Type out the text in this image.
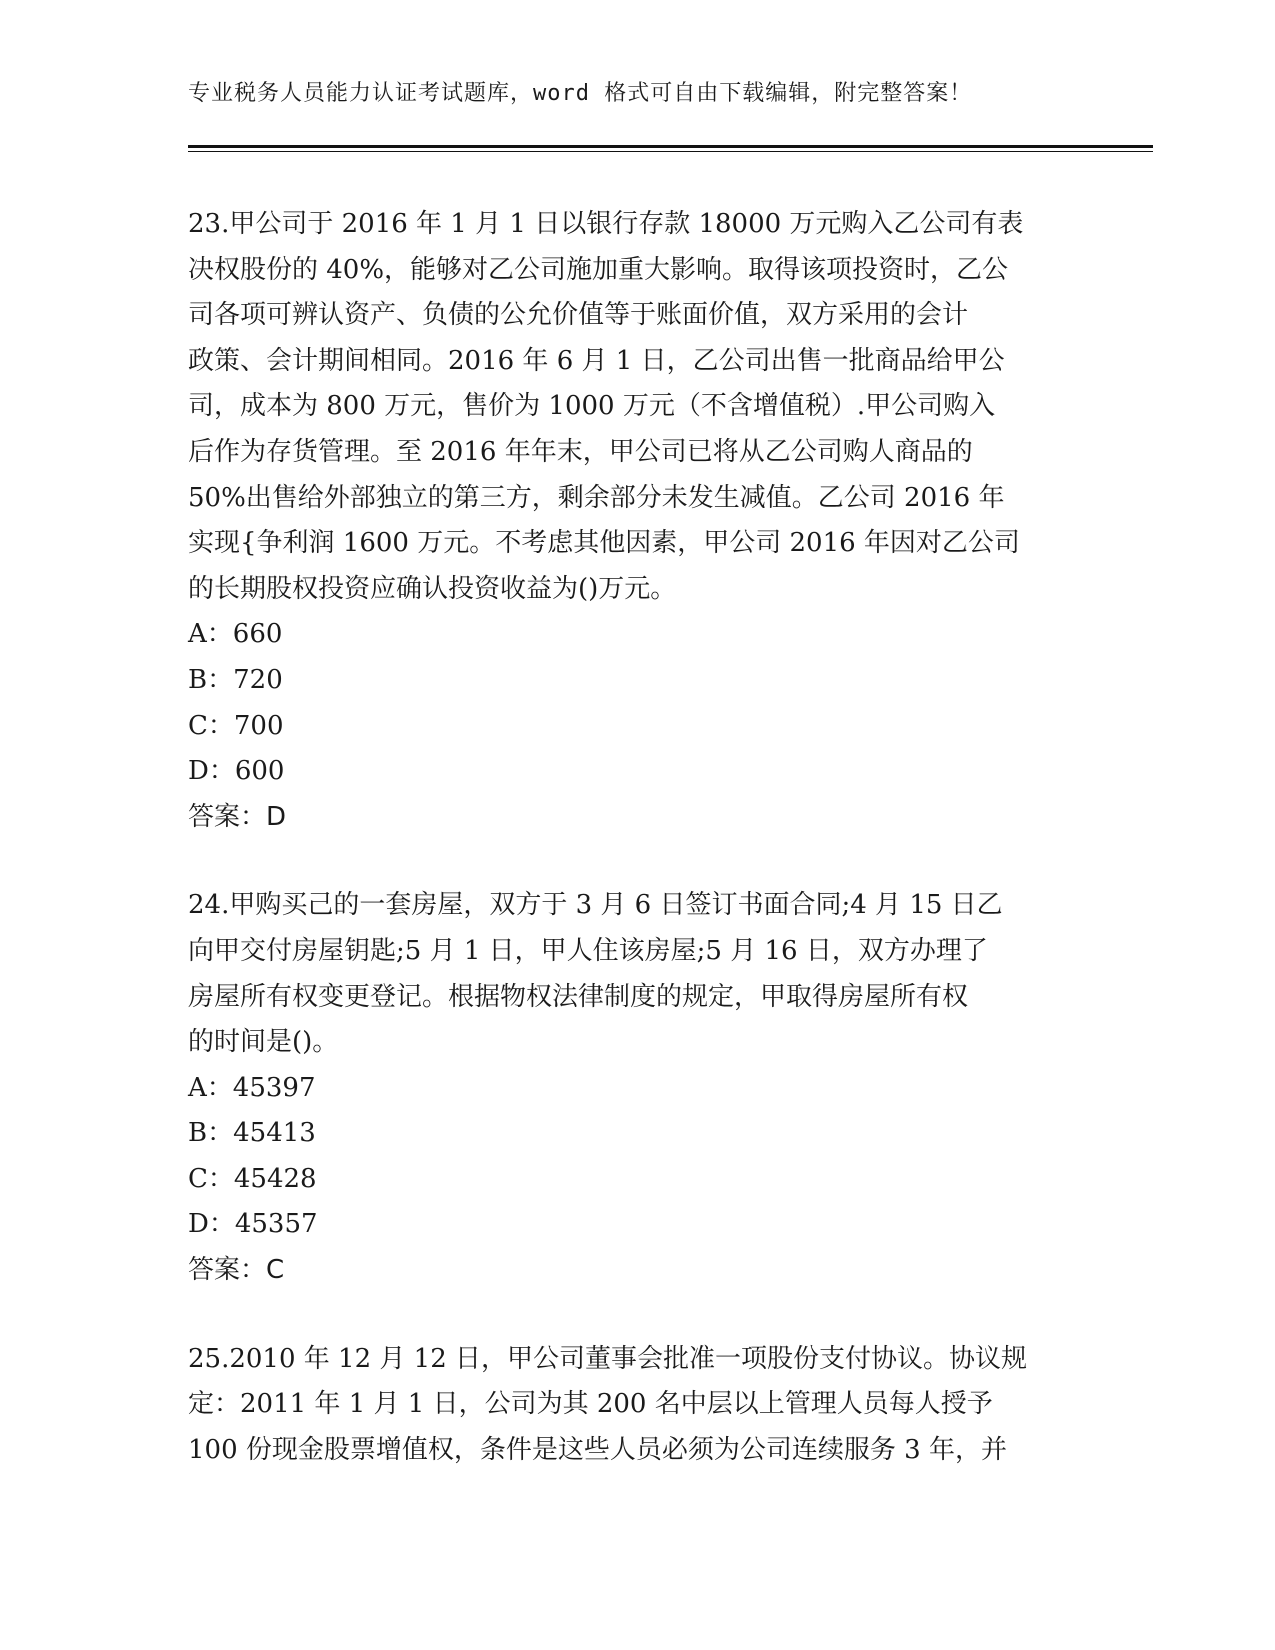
专业税务人员能力认证考试题库，word 格式可自由下载编辑，附完整答案！

23.甲公司于 2016 年 1 月 1 日以银行存款 18000 万元购入乙公司有表

决权股份的 40%，能够对乙公司施加重大影响。取得该项投资时，乙公

司各项可辨认资产、负债的公允价值等于账面价值，双方采用的会计

政策、会计期间相同。2016 年 6 月 1 日，乙公司出售一批商品给甲公

司，成本为 800 万元，售价为 1000 万元（不含增值税）.甲公司购入

后作为存货管理。至 2016 年年末，甲公司已将从乙公司购人商品的

50%出售给外部独立的第三方，剩余部分未发生减值。乙公司 2016 年

实现{争利润 1600 万元。不考虑其他因素，甲公司 2016 年因对乙公司

的长期股权投资应确认投资收益为()万元。

A：660

B：720

C：700

D：600

答案：D

24.甲购买己的一套房屋，双方于 3 月 6 日签订书面合同;4 月 15 日乙

向甲交付房屋钥匙;5 月 1 日，甲人住该房屋;5 月 16 日，双方办理了

房屋所有权变更登记。根据物权法律制度的规定，甲取得房屋所有权

的时间是()。

A：45397

B：45413

C：45428

D：45357

答案：C

25.2010 年 12 月 12 日，甲公司董事会批准一项股份支付协议。协议规

定：2011 年 1 月 1 日，公司为其 200 名中层以上管理人员每人授予

100 份现金股票增值权，条件是这些人员必须为公司连续服务 3 年，并
